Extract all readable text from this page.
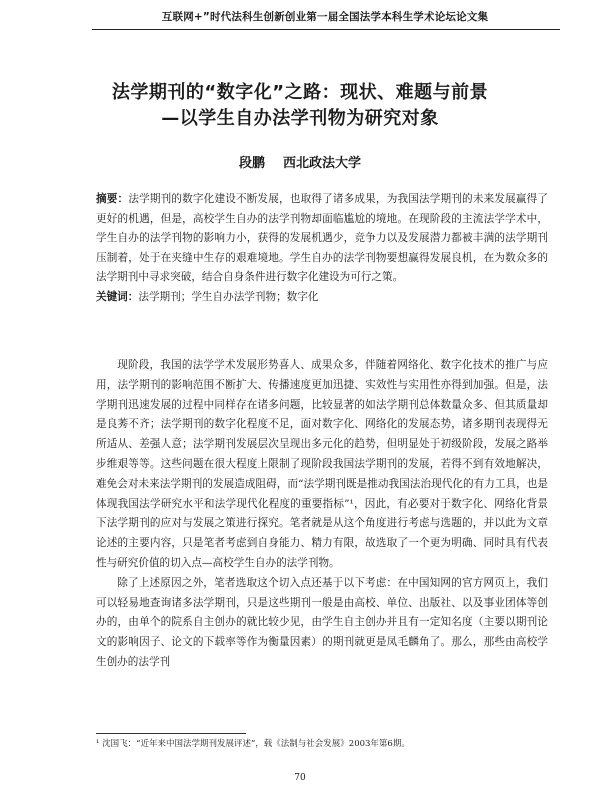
互联网+”时代法科生创新创业第一届全国法学本科生学术论坛论文集
法学期刊的“数字化”之路：现状、难题与前景
—以学生自办法学刊物为研究对象
段鹏 西北政法大学
摘要：法学期刊的数字化建设不断发展，也取得了诸多成果，为我国法学期刊的未来发展赢得了更好的机遇，但是，高校学生自办的法学刊物却面临尴尬的境地。在现阶段的主流法学学术中，学生自办的法学刊物的影响力小，获得的发展机遇少，竞争力以及发展潜力都被丰满的法学期刊压制着，处于在夹缝中生存的艰难境地。学生自办的法学刊物要想赢得发展良机，在为数众多的法学期刊中寻求突破，结合自身条件进行数字化建设为可行之策。
关键词：法学期刊；学生自办法学刊物；数字化

现阶段，我国的法学学术发展形势喜人、成果众多，伴随着网络化、数字化技术的推广与应用，法学期刊的影响范围不断扩大、传播速度更加迅捷、实效性与实用性亦得到加强。但是，法学期刊迅速发展的过程中同样存在诸多问题，比较显著的如法学期刊总体数量众多、但其质量却是良莠不齐；法学期刊的数字化程度不足，面对数字化、网络化的发展态势，诸多期刊表现得无所适从、差强人意；法学期刊发展层次呈现出多元化的趋势，但明显处于初级阶段，发展之路举步维艰等等。这些问题在很大程度上限制了现阶段我国法学期刊的发展，若得不到有效地解决，难免会对未来法学期刊的发展造成阻碍，而“法学期刊既是推动我国法治现代化的有力工具，也是体现我国法学研究水平和法学现代化程度的重要指标”¹，因此，有必要对于数字化、网络化背景下法学期刊的应对与发展之策进行探究。笔者就是从这个角度进行考虑与选题的，并以此为文章论述的主要内容，只是笔者考虑到自身能力、精力有限，故选取了一个更为明确、同时具有代表性与研究价值的切入点—高校学生自办的法学刊物。

除了上述原因之外，笔者选取这个切入点还基于以下考虑：在中国知网的官方网页上，我们可以轻易地查询诸多法学期刊，只是这些期刊一般是由高校、单位、出版社、以及事业团体等创办的，由单个的院系自主创办的就比较少见，由学生自主创办并且有一定知名度（主要以期刊论文的影响因子、论文的下载率等作为衡量因素）的期刊就更是凤毛麟角了。那么，那些由高校学生创办的法学刊

¹ 沈国飞：“近年来中国法学期刊发展评述”，载《法制与社会发展》2003年第6期。
70
